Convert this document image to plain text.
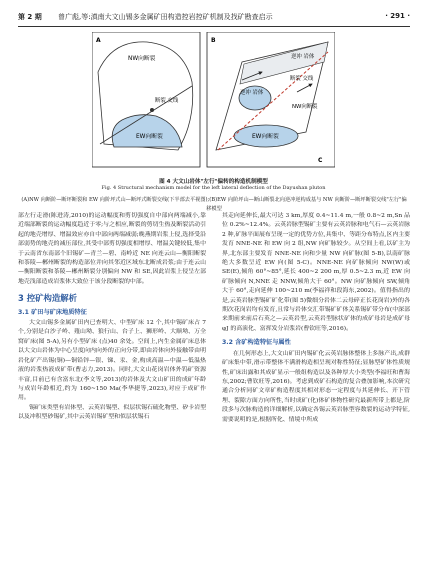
第 2 期 曾广彪,等:滇南大文山锡多金属矿田构造控岩控矿机制及找矿勘查启示	· 291 ·
NW向断裂
断裂 交线
EW向断裂
A
逆冲 岩体
逆冲 岩体
断裂 交线
NW向断裂
EW向断裂
B
C
图 4 大文山岩体"左行"偏转的构造机制模型
Fig. 4 Structural mechanism model for the left lateral deflection of the Dayushan pluton
(A)NW 向断阶—断坪断裂和 EW 向阶坪式山—断坪式断裂交线(下半部去平视图);(B)EW 向阶坪山—断山断裂北向逆冲逆构成基与 NW 向断阶—断坪断裂交线"左行"偏移模型

部左行走滑(陈进涛,2010)的运动幅度和剪切强度自中部向两端减小,靠近端部断裂的运动幅度趋近于零;与之相应,断裂的剪切生热及断裂活动引起的地壳增厚、增温效应亦自中部向两端减弱;晚燕期岩浆上侵,选择受沿部弱势的地壳的减压部位,其受中部剪切强度相增厚、增温关键较低,集中于云南省东南部个旧锡矿—青兰—碧、南岭近 NE 向连云山—衡阳断裂和茶陵—郴州断裂的构造部位并向其邻近区域东北断成岩浆;由于连云山—衡阳断裂和茶陵—郴州断裂分别偏向 NW 和 SE,因此岩浆上侵呈左部地壳浅部造成岩浆体大致位于该分段断裂的中部。

3 控矿构造解析
3.1 矿田与矿床地质特征

大文山锡多金属矿田内已查明大、中型矿床 12 个,其中锡矿床占 7 个,分别是白沙子岭、薤山坳、狼行山、台子上、狮形岭、大顺坳、万全窝矿床(图 5-A),另有小型矿床 (点)40 余处。空间上,内生金属矿床总体以大文山岩体为中心呈度向内向外的正向分带,即由岩体向外接触带由明岩化矿产出锡(铜)—铜铅锌—银、锑、汞、金,构成高温—中温—低温热液的岩浆热液成矿带(曹志力,2013)。同时,大文山花岗岩体外钨矿资源丰富,目前已有含富东北(李文等,2013)的岩体及大文山矿田的成矿年龄与成岩年龄相近,约为 160~150 Ma(李华捷等,2023),对应于成矿作用。

锡矿床类型有岩体型、云英岩锡型、似层状锡石硫化物型、矽卡岩型以及冲积型砂锡矿,其中云英岩锡矿型和似层状锡石

其走向延伸长,最大可达 3 km,厚度 0.4~11.4 m,一般 0.8~2 m,Sn 品位 0.2%~12.4%。云英岩脉型锡矿主要有云英岩脉和电气石—云英岩脉 2 种,矿脉平面展布呈现一定的优势方位,具集中、等距分布特点,区内主要发育 NNE-NE 和 EW 向 2 组,NW 向矿脉较少。从空间上看,以矿主为界,北东部主要发育 NNE-NE 向和少量 NW 向矿脉(图 5-B),以南矿脉绝大多数呈近 EW 向(图 5-C)。NNE-NE 向矿脉倾向 NW(W)或 SE(E),倾角 60°~85°,延长 400~2 200 m,厚 0.5~2.3 m,近 EW 向矿脉倾向 N,NNE 走 NNW,倾角大于 60°。NW 向矿脉倾向 SW,倾角大于 60°,走向延伸 100~210 m(李福祥和段海东,2002)。值得指出的是,云英岩脉型锡矿矿化带(图 5)微细分岩体二云母碎正长花岗岩)外的各期次花岗岩均有发育,且常与岩体交汇带锡矿矿体关系锡矿带分布(中深部来期前来前后石英之—云英岩型,云英岩型脉状矿体的成矿母岩是成矿母 φJ 的高演化、富挥发分岩浆岩(曹钦旺等,2016)。

3.2 含矿构造特征与属性

在几何形态上,大文山矿田内锡矿化云英岩脉体整体上多脉产出,成群矿床集中带,滑示带整体不满滑构造相呈现对称性特征;显脉型矿体性质规性,矿床出露和其成矿显示一般组构造以及各种厚大小类型(李福旺和曹海东,2002;曹钦旺等,2016)。考虑到成矿石构造的复合叠加影响,本次研究通合分析同矿文章矿构造程度其相对形态一定程度与其延伸长、开下管埋、裂隙方面方向所性,当时成矿(化)体矿体物性研究最新所带上都是,阶段多与次脉构造的详细解析,以确定各锡云英岩脉型容数裂的运动学特征,需要说明的是,根据所化、情境中所成
